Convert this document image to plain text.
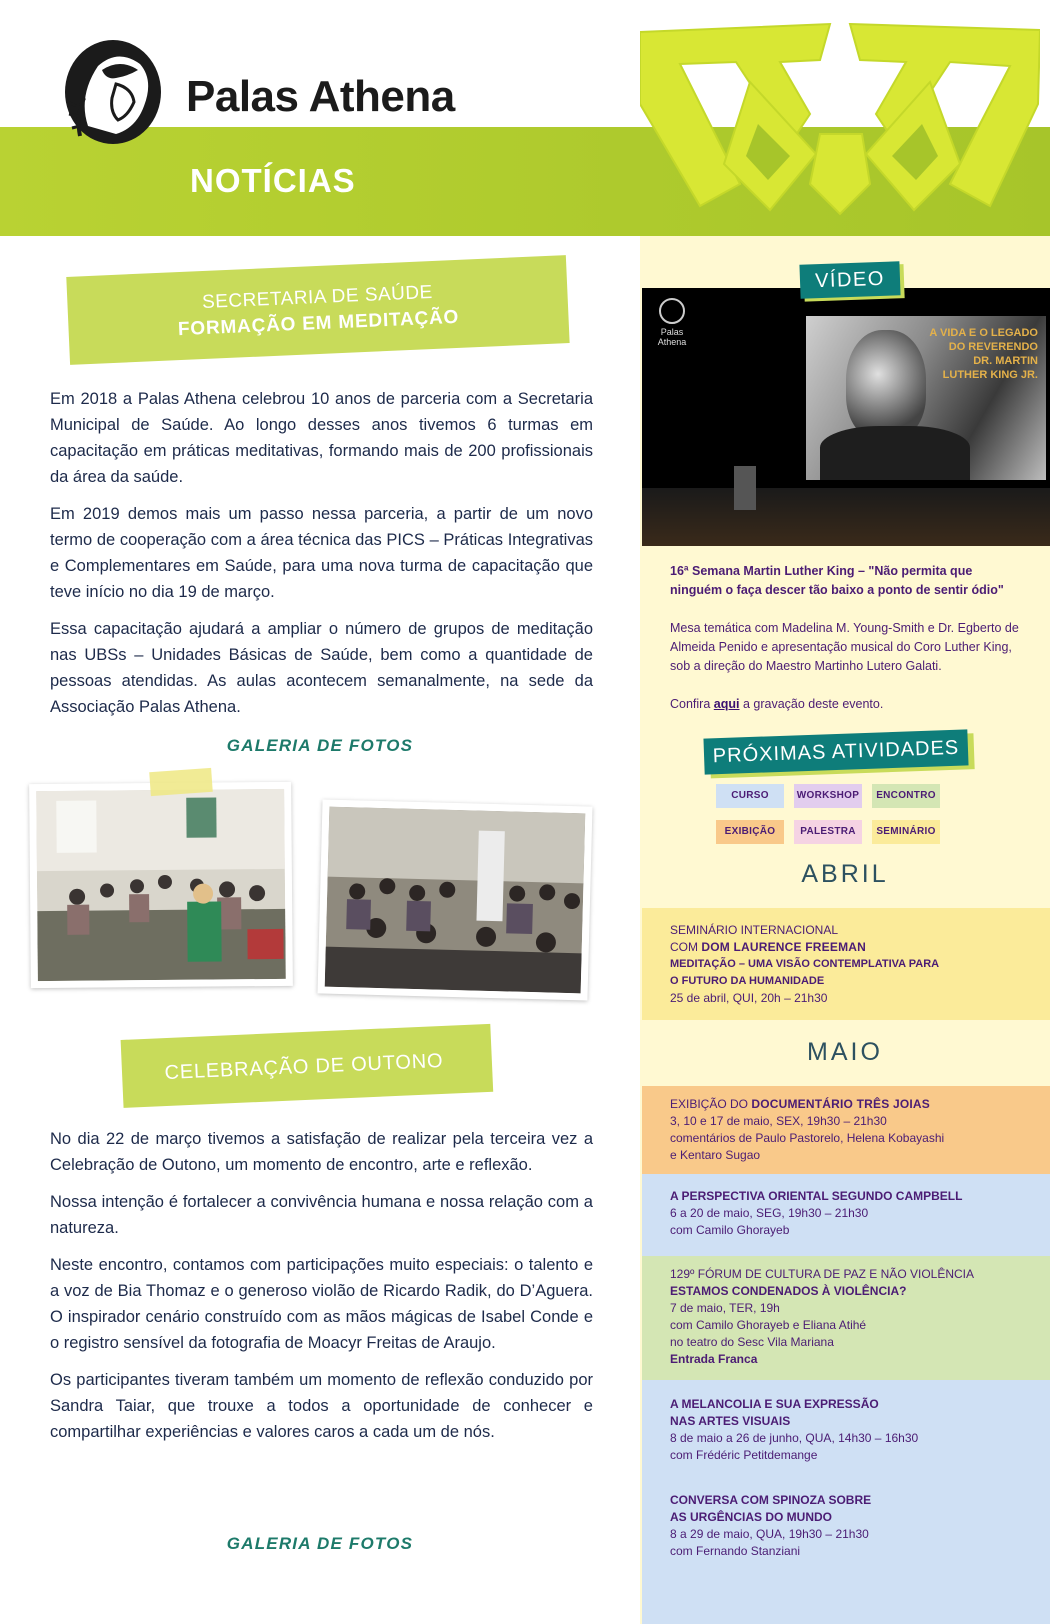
Palas Athena
NOTÍCIAS
SECRETARIA DE SAÚDE
FORMAÇÃO EM MEDITAÇÃO

Em 2018 a Palas Athena celebrou 10 anos de parceria com a Secretaria Municipal de Saúde. Ao longo desses anos tivemos 6 turmas em capacitação em práticas meditativas, formando mais de 200 profissionais da área da saúde.

Em 2019 demos mais um passo nessa parceria, a partir de um novo termo de cooperação com a área técnica das PICS – Práticas Integrativas e Complementares em Saúde, para uma nova turma de capacitação que teve início no dia 19 de março.

Essa capacitação ajudará a ampliar o número de grupos de meditação nas UBSs – Unidades Básicas de Saúde, bem como a quantidade de pessoas atendidas. As aulas acontecem semanalmente, na sede da Associação Palas Athena.

GALERIA DE FOTOS
CELEBRAÇÃO DE OUTONO

No dia 22 de março tivemos a satisfação de realizar pela terceira vez a Celebração de Outono, um momento de encontro, arte e reflexão.

Nossa intenção é fortalecer a convivência humana e nossa relação com a natureza.

Neste encontro, contamos com participações muito especiais: o talento e a voz de Bia Thomaz e o generoso violão de Ricardo Radik, do D’Aguera. O inspirador cenário construído com as mãos mágicas de Isabel Conde e o registro sensível da fotografia de Moacyr Freitas de Araujo.

Os participantes tiveram também um momento de reflexão conduzido por Sandra Taiar, que trouxe a todos a oportunidade de conhecer e compartilhar experiências e valores caros a cada um de nós.

GALERIA DE FOTOS
VÍDEO
Palas Athena
A VIDA E O LEGADO DO REVERENDO DR. MARTIN LUTHER KING JR.

16ª Semana Martin Luther King – "Não permita que ninguém o faça descer tão baixo a ponto de sentir ódio"

Mesa temática com Madelina M. Young-Smith e Dr. Egberto de Almeida Penido e apresentação musical do Coro Luther King, sob a direção do Maestro Martinho Lutero Galati.

Confira aqui a gravação deste evento.

PRÓXIMAS ATIVIDADES
CURSO	WORKSHOP	ENCONTRO
EXIBIÇÃO	PALESTRA	SEMINÁRIO
ABRIL
SEMINÁRIO INTERNACIONAL
COM DOM LAURENCE FREEMAN
MEDITAÇÃO – UMA VISÃO CONTEMPLATIVA PARA
O FUTURO DA HUMANIDADE
25 de abril, QUI, 20h – 21h30
MAIO
EXIBIÇÃO DO DOCUMENTÁRIO TRÊS JOIAS
3, 10 e 17 de maio, SEX, 19h30 – 21h30
comentários de Paulo Pastorelo, Helena Kobayashi
e Kentaro Sugao
A PERSPECTIVA ORIENTAL SEGUNDO CAMPBELL
6 a 20 de maio, SEG, 19h30 – 21h30
com Camilo Ghorayeb
129º FÓRUM DE CULTURA DE PAZ E NÃO VIOLÊNCIA
ESTAMOS CONDENADOS À VIOLÊNCIA?
7 de maio, TER, 19h
com Camilo Ghorayeb e Eliana Atihé
no teatro do Sesc Vila Mariana
Entrada Franca
A MELANCOLIA E SUA EXPRESSÃO
NAS ARTES VISUAIS
8 de maio a 26 de junho, QUA, 14h30 – 16h30
com Frédéric Petitdemange
CONVERSA COM SPINOZA SOBRE
AS URGÊNCIAS DO MUNDO
8 a 29 de maio, QUA, 19h30 – 21h30
com Fernando Stanziani
